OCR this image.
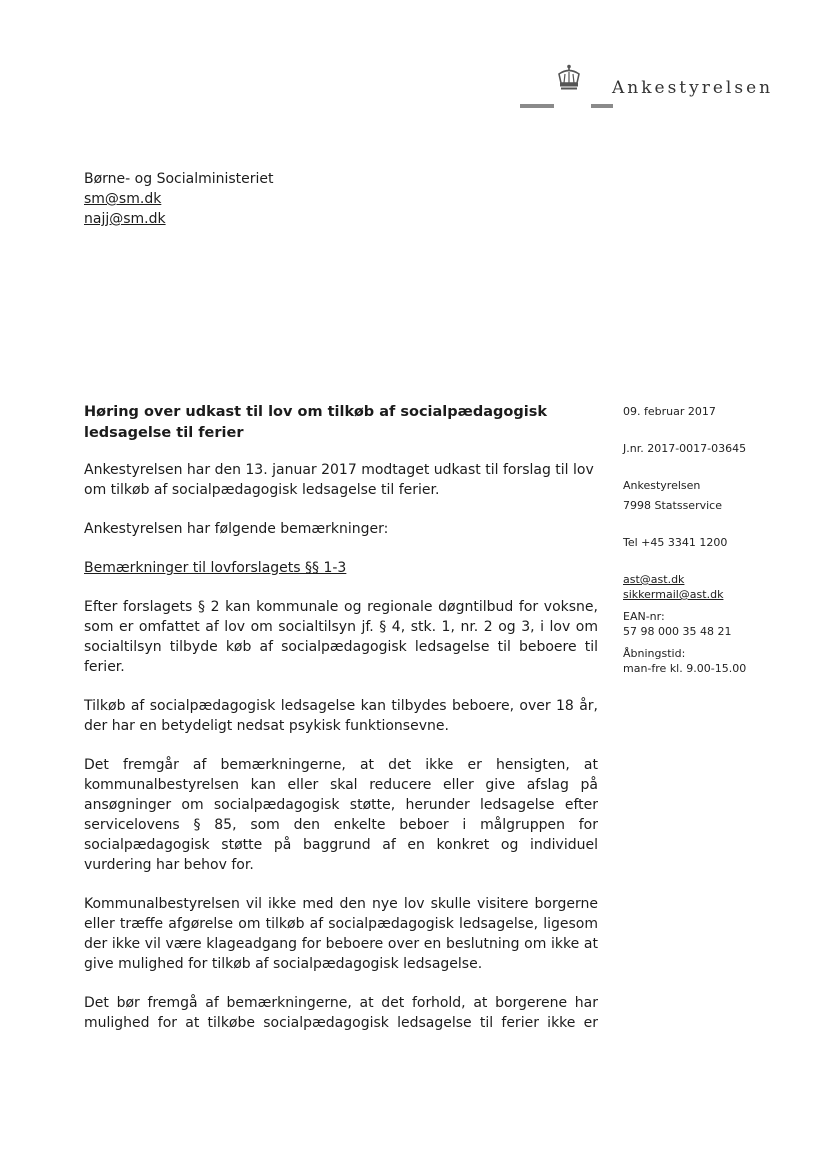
Ankestyrelsen
Børne- og Socialministeriet
sm@sm.dk
najj@sm.dk
Høring over udkast til lov om tilkøb af socialpædagogisk ledsagelse til ferier

Ankestyrelsen har den 13. januar 2017 modtaget udkast til forslag til lov om tilkøb af socialpædagogisk ledsagelse til ferier.

Ankestyrelsen har følgende bemærkninger:

Bemærkninger til lovforslagets §§ 1-3

Efter forslagets § 2 kan kommunale og regionale døgntilbud for voksne, som er omfattet af lov om socialtilsyn jf. § 4, stk. 1, nr. 2 og 3, i lov om socialtilsyn tilbyde køb af socialpædagogisk ledsagelse til beboere til ferier.

Tilkøb af socialpædagogisk ledsagelse kan tilbydes beboere, over 18 år, der har en betydeligt nedsat psykisk funktionsevne.

Det fremgår af bemærkningerne, at det ikke er hensigten, at kommunalbestyrelsen kan eller skal reducere eller give afslag på ansøgninger om socialpædagogisk støtte, herunder ledsagelse efter servicelovens § 85, som den enkelte beboer i målgruppen for socialpædagogisk støtte på baggrund af en konkret og individuel vurdering har behov for.

Kommunalbestyrelsen vil ikke med den nye lov skulle visitere borgerne eller træffe afgørelse om tilkøb af socialpædagogisk ledsagelse, ligesom der ikke vil være klageadgang for beboere over en beslutning om ikke at give mulighed for tilkøb af socialpædagogisk ledsagelse.

Det bør fremgå af bemærkningerne, at det forhold, at borgerene har mulighed for at tilkøbe socialpædagogisk ledsagelse til ferier ikke er

09. februar 2017
J.nr. 2017-0017-03645
Ankestyrelsen
7998 Statsservice
Tel +45 3341 1200
ast@ast.dk
sikkermail@ast.dk
EAN-nr:
57 98 000 35 48 21
Åbningstid:
man-fre kl. 9.00-15.00
